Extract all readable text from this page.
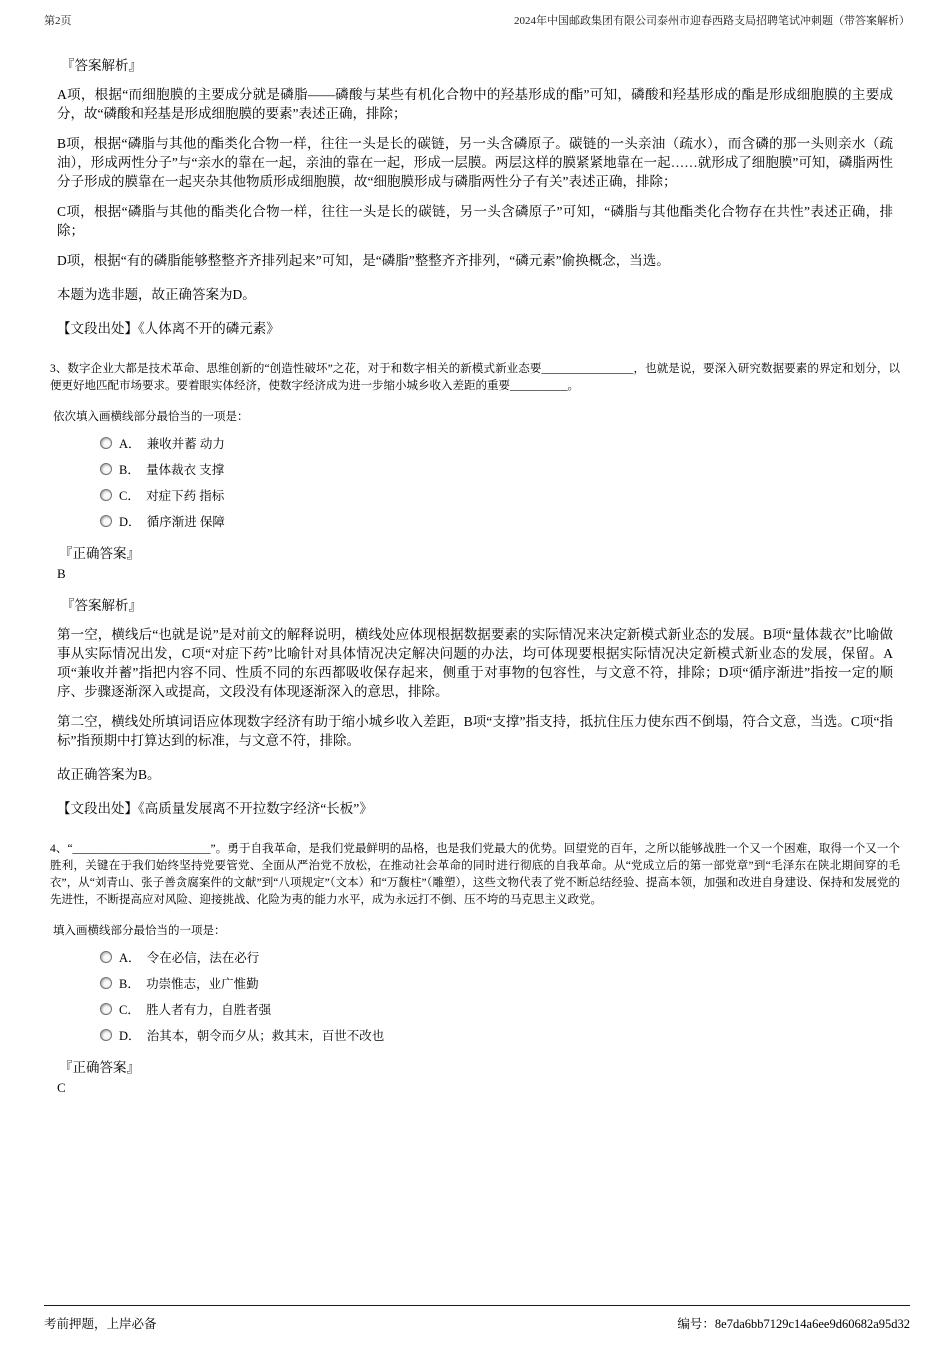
第2页	2024年中国邮政集团有限公司泰州市迎春西路支局招聘笔试冲刺题（带答案解析）

『答案解析』

A项，根据“而细胞膜的主要成分就是磷脂——磷酸与某些有机化合物中的羟基形成的酯”可知，磷酸和羟基形成的酯是形成细胞膜的主要成分，故“磷酸和羟基是形成细胞膜的要素”表述正确，排除；

B项，根据“磷脂与其他的酯类化合物一样，往往一头是长的碳链，另一头含磷原子。碳链的一头亲油（疏水），而含磷的那一头则亲水（疏油），形成两性分子”与“亲水的靠在一起，亲油的靠在一起，形成一层膜。两层这样的膜紧紧地靠在一起……就形成了细胞膜”可知，磷脂两性分子形成的膜靠在一起夹杂其他物质形成细胞膜，故“细胞膜形成与磷脂两性分子有关”表述正确，排除；

C项，根据“磷脂与其他的酯类化合物一样，往往一头是长的碳链，另一头含磷原子”可知，“磷脂与其他酯类化合物存在共性”表述正确，排除；

D项，根据“有的磷脂能够整整齐齐排列起来”可知，是“磷脂”整整齐齐排列，“磷元素”偷换概念，当选。

本题为选非题，故正确答案为D。

【文段出处】《人体离不开的磷元素》

3、数字企业大都是技术革命、思维创新的“创造性破坏”之花，对于和数字相关的新模式新业态要________________，也就是说，要深入研究数据要素的界定和划分，以便更好地匹配市场要求。要着眼实体经济，使数字经济成为进一步缩小城乡收入差距的重要__________。

依次填入画横线部分最恰当的一项是：

A．　兼收并蓄 动力
B．　量体裁衣 支撑
C．　对症下药 指标
D．　循序渐进 保障

『正确答案』

B

『答案解析』

第一空，横线后“也就是说”是对前文的解释说明，横线处应体现根据数据要素的实际情况来决定新模式新业态的发展。B项“量体裁衣”比喻做事从实际情况出发，C项“对症下药”比喻针对具体情况决定解决问题的办法，均可体现要根据实际情况决定新模式新业态的发展，保留。A项“兼收并蓄”指把内容不同、性质不同的东西都吸收保存起来，侧重于对事物的包容性，与文意不符，排除；D项“循序渐进”指按一定的顺序、步骤逐渐深入或提高，文段没有体现逐渐深入的意思，排除。

第二空，横线处所填词语应体现数字经济有助于缩小城乡收入差距，B项“支撑”指支持，抵抗住压力使东西不倒塌，符合文意，当选。C项“指标”指预期中打算达到的标准，与文意不符，排除。

故正确答案为B。

【文段出处】《高质量发展离不开拉数字经济“长板”》

4、“________________________”。勇于自我革命，是我们党最鲜明的品格，也是我们党最大的优势。回望党的百年，之所以能够战胜一个又一个困难，取得一个又一个胜利，关键在于我们始终坚持党要管党、全面从严治党不放松，在推动社会革命的同时进行彻底的自我革命。从“党成立后的第一部党章”到“毛泽东在陕北期间穿的毛衣”，从“刘青山、张子善贪腐案件的文献”到“八项规定”（文本）和“万馥柱”（雕塑），这些文物代表了党不断总结经验、提高本领，加强和改进自身建设、保持和发展党的先进性，不断提高应对风险、迎接挑战、化险为夷的能力水平，成为永远打不倒、压不垮的马克思主义政党。

填入画横线部分最恰当的一项是：

A．　令在必信，法在必行
B．　功崇惟志，业广惟勤
C．　胜人者有力，自胜者强
D．　治其本，朝令而夕从；救其末，百世不改也

『正确答案』

C

考前押题，上岸必备	编号：8e7da6bb7129c14a6ee9d60682a95d32
